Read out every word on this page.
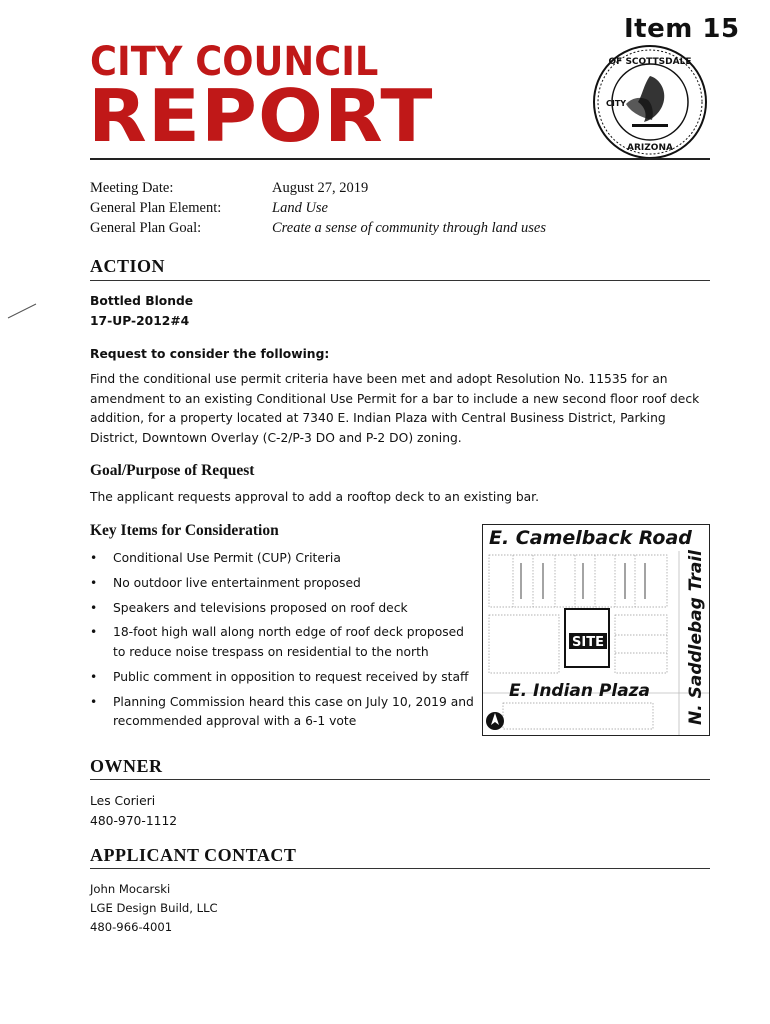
Item 15
CITY COUNCIL
REPORT
OF SCOTTSDALE
ARIZONA
CITY
Meeting Date:
General Plan Element:
General Plan Goal:
August 27, 2019
Land Use
Create a sense of community through land uses
ACTION
Bottled Blonde
17-UP-2012#4
Request to consider the following:
Find the conditional use permit criteria have been met and adopt Resolution No. 11535 for an amendment to an existing Conditional Use Permit for a bar to include a new second floor roof deck addition, for a property located at 7340 E. Indian Plaza with Central Business District, Parking District, Downtown Overlay (C-2/P-3 DO and P-2 DO) zoning.
Goal/Purpose of Request
The applicant requests approval to add a rooftop deck to an existing bar.
Key Items for Consideration
• Conditional Use Permit (CUP) Criteria
• No outdoor live entertainment proposed
• Speakers and televisions proposed on roof deck
• 18-foot high wall along north edge of roof deck proposed to reduce noise trespass on residential to the north
• Public comment in opposition to request received by staff
• Planning Commission heard this case on July 10, 2019 and recommended approval with a 6-1 vote
SITE
E. Camelback Road
E. Indian Plaza N. Saddlebag Trail
OWNER
Les Corieri
480-970-1112
APPLICANT CONTACT
John Mocarski
LGE Design Build, LLC
480-966-4001
